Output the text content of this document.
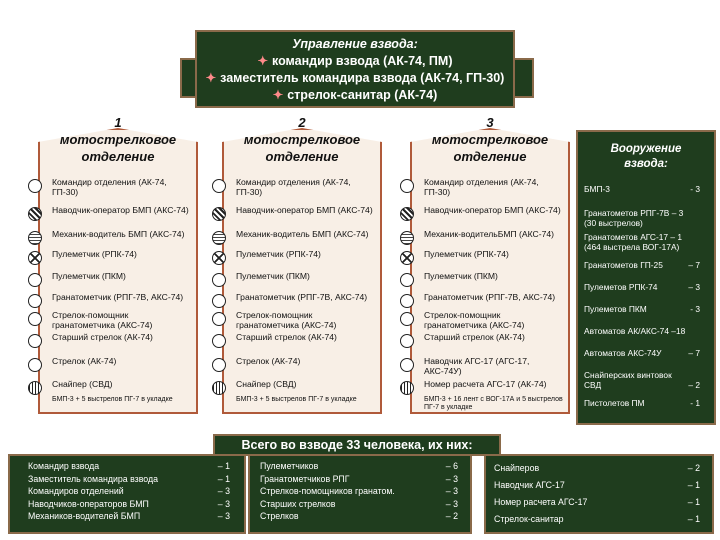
Управление взвода:
✦ командир взвода (АК-74, ПМ)
✦ заместитель командира взвода (АК-74, ГП-30)
✦ стрелок-санитар (АК-74)
1
мотострелковое
отделение
Командир отделения (АК-74, ГП-30)
Наводчик-оператор БМП (АКС-74)
Механик-водитель БМП (АКС-74)
Пулеметчик (РПК-74)
Пулеметчик (ПКМ)
Гранатометчик (РПГ-7В, АКС-74)
Стрелок-помощник гранатометчика (АКС-74)
Старший стрелок (АК-74)
Стрелок (АК-74)
Снайпер (СВД)
БМП-3 + 5 выстрелов ПГ-7 в укладке
2
мотострелковое
отделение
Командир отделения (АК-74, ГП-30)
Наводчик-оператор БМП (АКС-74)
Механик-водитель БМП (АКС-74)
Пулеметчик (РПК-74)
Пулеметчик (ПКМ)
Гранатометчик (РПГ-7В, АКС-74)
Стрелок-помощник гранатометчика (АКС-74)
Старший стрелок (АК-74)
Стрелок (АК-74)
Снайпер (СВД)
БМП-3 + 5 выстрелов ПГ-7 в укладке
3
мотострелковое
отделение
Командир отделения (АК-74, ГП-30)
Наводчик-оператор БМП (АКС-74)
Механик-водительБМП (АКС-74)
Пулеметчик (РПК-74)
Пулеметчик (ПКМ)
Гранатометчик (РПГ-7В, АКС-74)
Стрелок-помощник гранатометчика (АКС-74)
Старший стрелок (АК-74)
Наводчик АГС-17 (АГС-17, АКС-74У)
Номер расчета АГС-17 (АК-74)
БМП-3 + 16 лент с ВОГ-17А и 5 выстрелов ПГ-7 в укладке
Вооружение
взвода:
БМП-3	- 3
Гранатометов РПГ-7В – 3
(30 выстрелов)
Гранатометов АГС-17 – 1
(464 выстрела ВОГ-17А)
Гранатометов ГП-25	– 7
Пулеметов РПК-74	– 3
Пулеметов ПКМ	- 3
Автоматов АК/АКС-74 –18
Автоматов АКС-74У	– 7
Снайперских винтовок
СВД	– 2
Пистолетов ПМ	- 1
Всего во взводе 33 человека, их них:
Командир взвода	– 1
Заместитель командира взвода	– 1
Командиров отделений	– 3
Наводчиков-операторов БМП	– 3
Механиков-водителей БМП	– 3
Пулеметчиков	– 6
Гранатометчиков РПГ	– 3
Стрелков-помощников гранатом.	– 3
Старших стрелков	– 3
Стрелков	– 2
Снайперов	– 2
Наводчик АГС-17	– 1
Номер расчета АГС-17	– 1
Стрелок-санитар	– 1
